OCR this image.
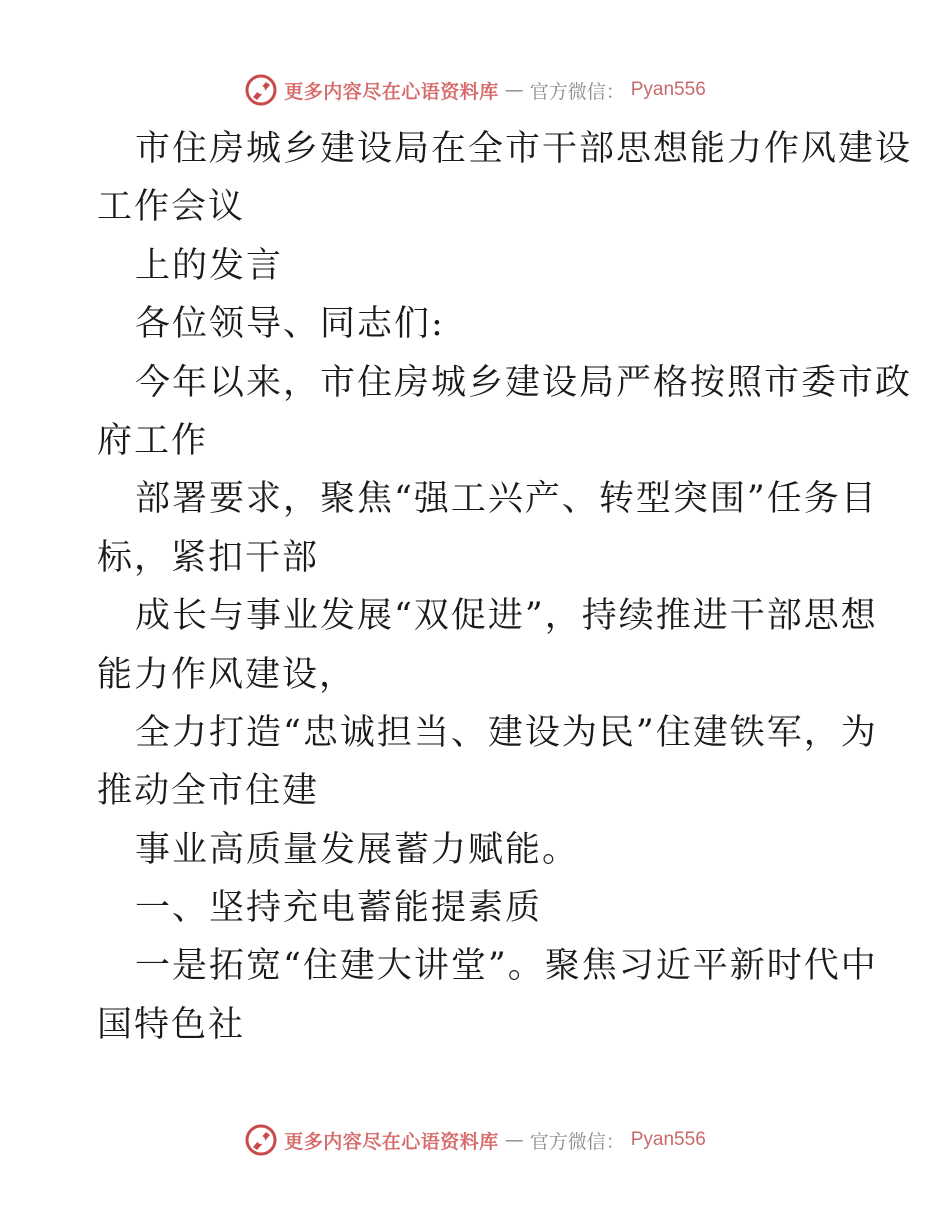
更多内容尽在心语资料库 — 官方微信： Pyan556
市住房城乡建设局在全市干部思想能力作风建设
工作会议
上的发言
各位领导、同志们:
今年以来，市住房城乡建设局严格按照市委市政
府工作
部署要求，聚焦“强工兴产、转型突围”任务目
标，紧扣干部
成长与事业发展“双促进”，持续推进干部思想
能力作风建设，
全力打造“忠诚担当、建设为民”住建铁军，为
推动全市住建
事业高质量发展蓄力赋能。
一、坚持充电蓄能提素质
一是拓宽“住建大讲堂”。聚焦习近平新时代中
国特色社
更多内容尽在心语资料库 — 官方微信： Pyan556
